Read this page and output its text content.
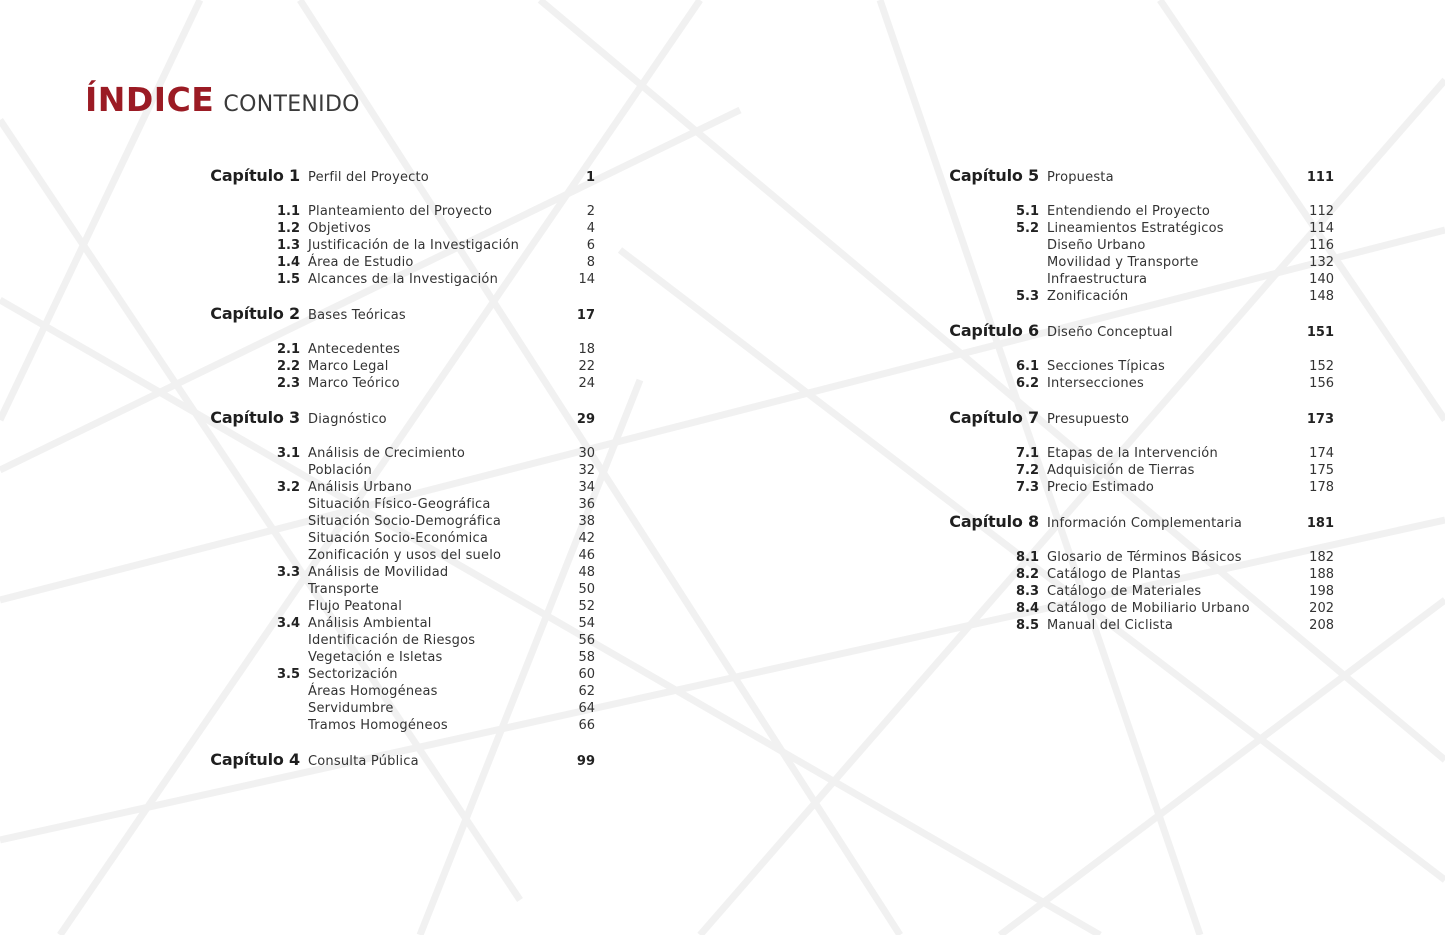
ÍNDICE CONTENIDO
Capítulo 1 Perfil del Proyecto	1
1.1 Planteamiento del Proyecto	2
1.2 Objetivos	4
1.3 Justificación de la Investigación	6
1.4 Área de Estudio	8
1.5 Alcances de la Investigación	14
Capítulo 2 Bases Teóricas	17
2.1 Antecedentes	18
2.2 Marco Legal	22
2.3 Marco Teórico	24
Capítulo 3 Diagnóstico	29
3.1 Análisis de Crecimiento	30
Población	32
3.2 Análisis Urbano	34
Situación Físico-Geográfica	36
Situación Socio-Demográfica	38
Situación Socio-Económica	42
Zonificación y usos del suelo	46
3.3 Análisis de Movilidad	48
Transporte	50
Flujo Peatonal	52
3.4 Análisis Ambiental	54
Identificación de Riesgos	56
Vegetación e Isletas	58
3.5 Sectorización	60
Áreas Homogéneas	62
Servidumbre	64
Tramos Homogéneos	66
Capítulo 4 Consulta Pública	99
Capítulo 5 Propuesta	111
5.1 Entendiendo el Proyecto	112
5.2 Lineamientos Estratégicos	114
Diseño Urbano	116
Movilidad y Transporte	132
Infraestructura	140
5.3 Zonificación	148
Capítulo 6 Diseño Conceptual	151
6.1 Secciones Típicas	152
6.2 Intersecciones	156
Capítulo 7 Presupuesto	173
7.1 Etapas de la Intervención	174
7.2 Adquisición de Tierras	175
7.3 Precio Estimado	178
Capítulo 8 Información Complementaria	181
8.1 Glosario de Términos Básicos	182
8.2 Catálogo de Plantas	188
8.3 Catálogo de Materiales	198
8.4 Catálogo de Mobiliario Urbano	202
8.5 Manual del Ciclista	208
